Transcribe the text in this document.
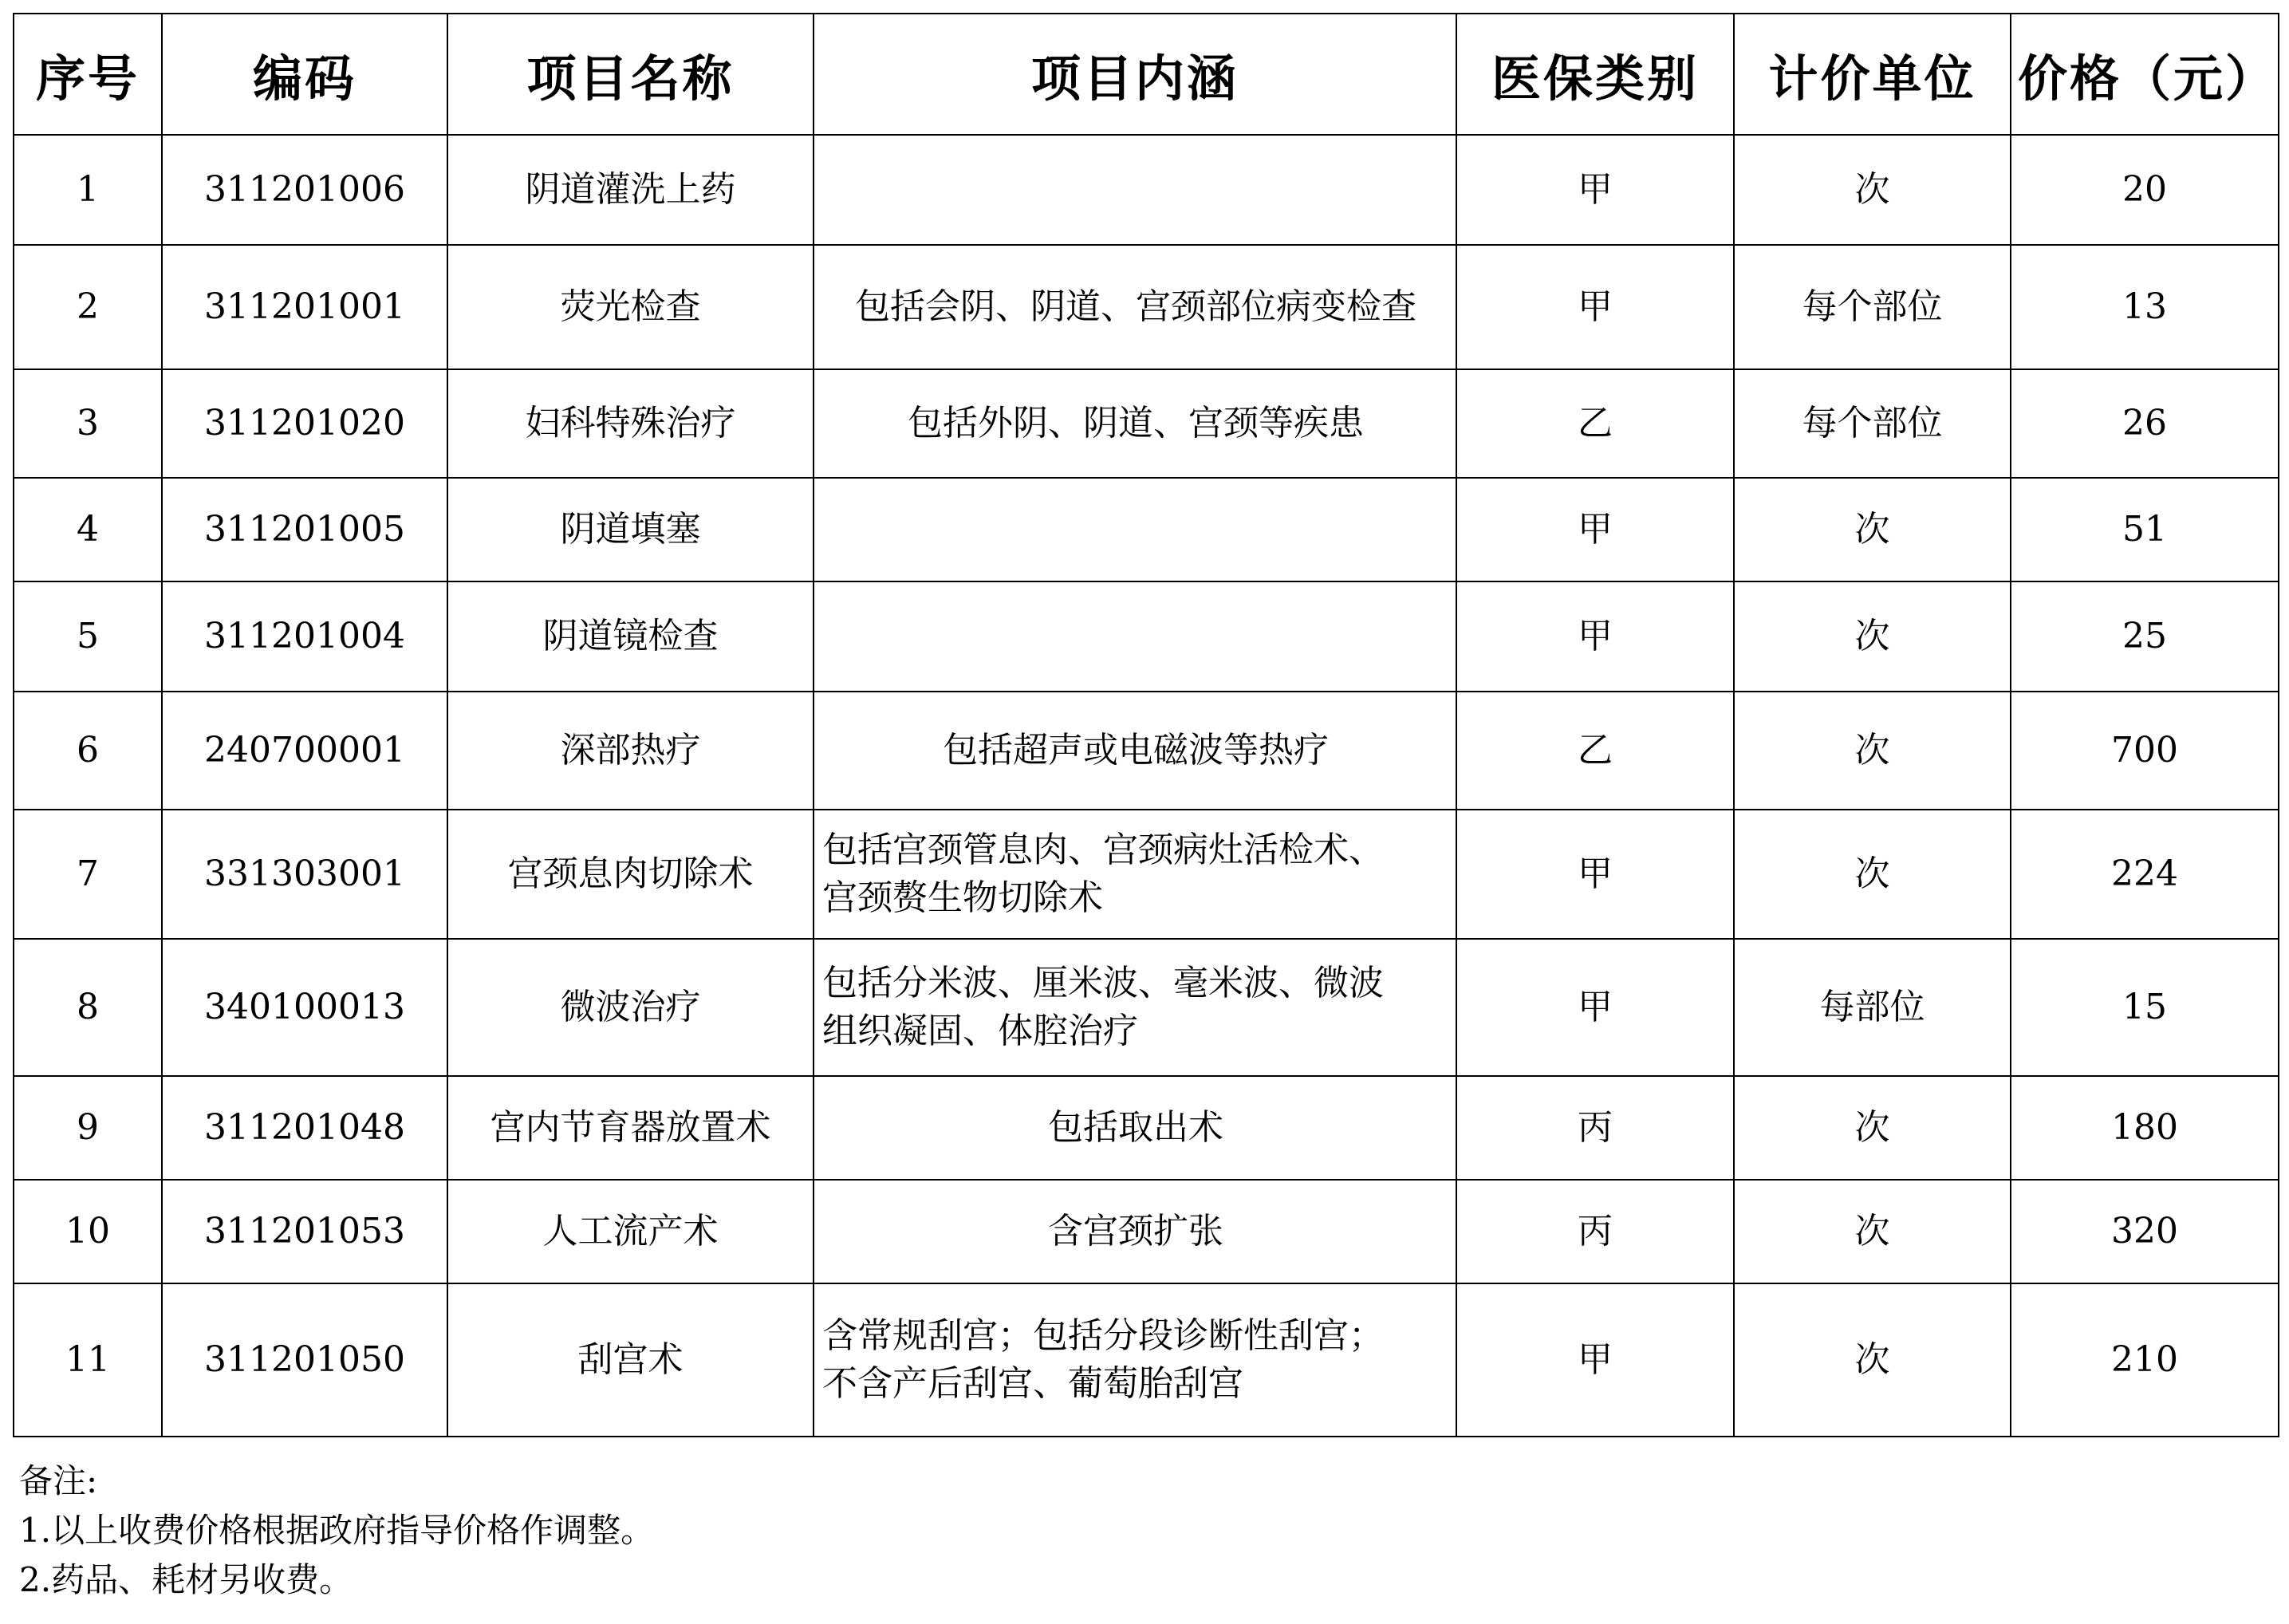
序号	编码	项目名称	项目内涵	医保类别	计价单位	价格（元）
1	311201006	阴道灌洗上药		甲	次	20
2	311201001	荧光检查	包括会阴、阴道、宫颈部位病变检查	甲	每个部位	13
3	311201020	妇科特殊治疗	包括外阴、阴道、宫颈等疾患	乙	每个部位	26
4	311201005	阴道填塞		甲	次	51
5	311201004	阴道镜检查		甲	次	25
6	240700001	深部热疗	包括超声或电磁波等热疗	乙	次	700
7	331303001	宫颈息肉切除术	包括宫颈管息肉、宫颈病灶活检术、
宫颈赘生物切除术	甲	次	224
8	340100013	微波治疗	包括分米波、厘米波、毫米波、微波
组织凝固、体腔治疗	甲	每部位	15
9	311201048	宫内节育器放置术	包括取出术	丙	次	180
10	311201053	人工流产术	含宫颈扩张	丙	次	320
11	311201050	刮宫术	含常规刮宫；包括分段诊断性刮宫；
不含产后刮宫、葡萄胎刮宫	甲	次	210
备注:
1.以上收费价格根据政府指导价格作调整。
2.药品、耗材另收费。
